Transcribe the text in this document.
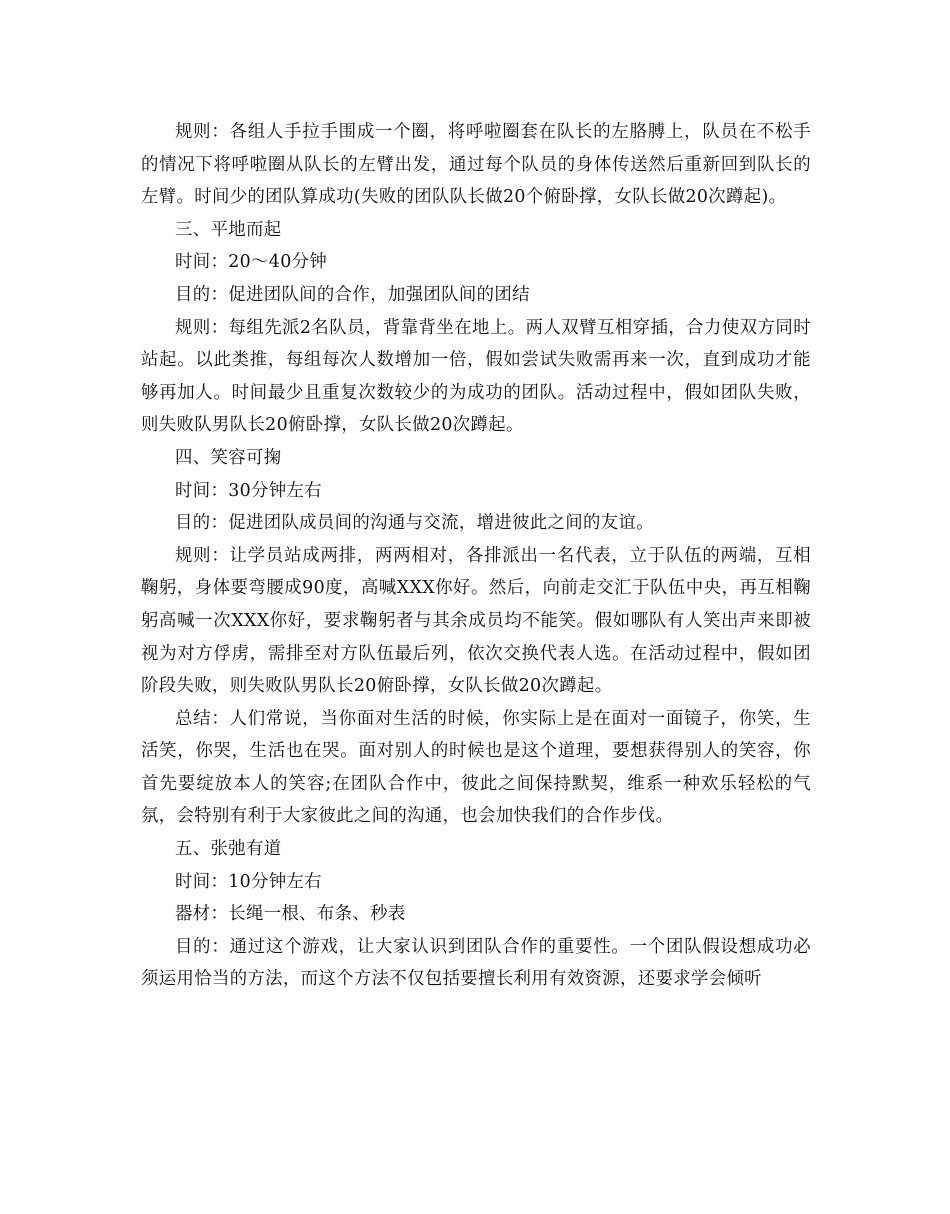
规则：各组人手拉手围成一个圈，将呼啦圈套在队长的左胳膊上，队员在不松手的情况下将呼啦圈从队长的左臂出发，通过每个队员的身体传送然后重新回到队长的左臂。时间少的团队算成功(失败的团队队长做20个俯卧撑，女队长做20次蹲起)。

三、平地而起

时间：20～40分钟

目的：促进团队间的合作，加强团队间的团结

规则：每组先派2名队员，背靠背坐在地上。两人双臂互相穿插，合力使双方同时站起。以此类推，每组每次人数增加一倍，假如尝试失败需再来一次，直到成功才能够再加人。时间最少且重复次数较少的为成功的团队。活动过程中，假如团队失败，则失败队男队长20俯卧撑，女队长做20次蹲起。

四、笑容可掬

时间：30分钟左右

目的：促进团队成员间的沟通与交流，增进彼此之间的友谊。

规则：让学员站成两排，两两相对，各排派出一名代表，立于队伍的两端，互相鞠躬，身体要弯腰成90度，高喊XXX你好。然后，向前走交汇于队伍中央，再互相鞠躬高喊一次XXX你好，要求鞠躬者与其余成员均不能笑。假如哪队有人笑出声来即被视为对方俘虏，需排至对方队伍最后列，依次交换代表人选。在活动过程中，假如团阶段失败，则失败队男队长20俯卧撑，女队长做20次蹲起。

总结：人们常说，当你面对生活的时候，你实际上是在面对一面镜子，你笑，生活笑，你哭，生活也在哭。面对别人的时候也是这个道理，要想获得别人的笑容，你首先要绽放本人的笑容;在团队合作中，彼此之间保持默契，维系一种欢乐轻松的气氛，会特别有利于大家彼此之间的沟通，也会加快我们的合作步伐。

五、张弛有道

时间：10分钟左右

器材：长绳一根、布条、秒表

目的：通过这个游戏，让大家认识到团队合作的重要性。一个团队假设想成功必须运用恰当的方法，而这个方法不仅包括要擅长利用有效资源，还要求学会倾听
